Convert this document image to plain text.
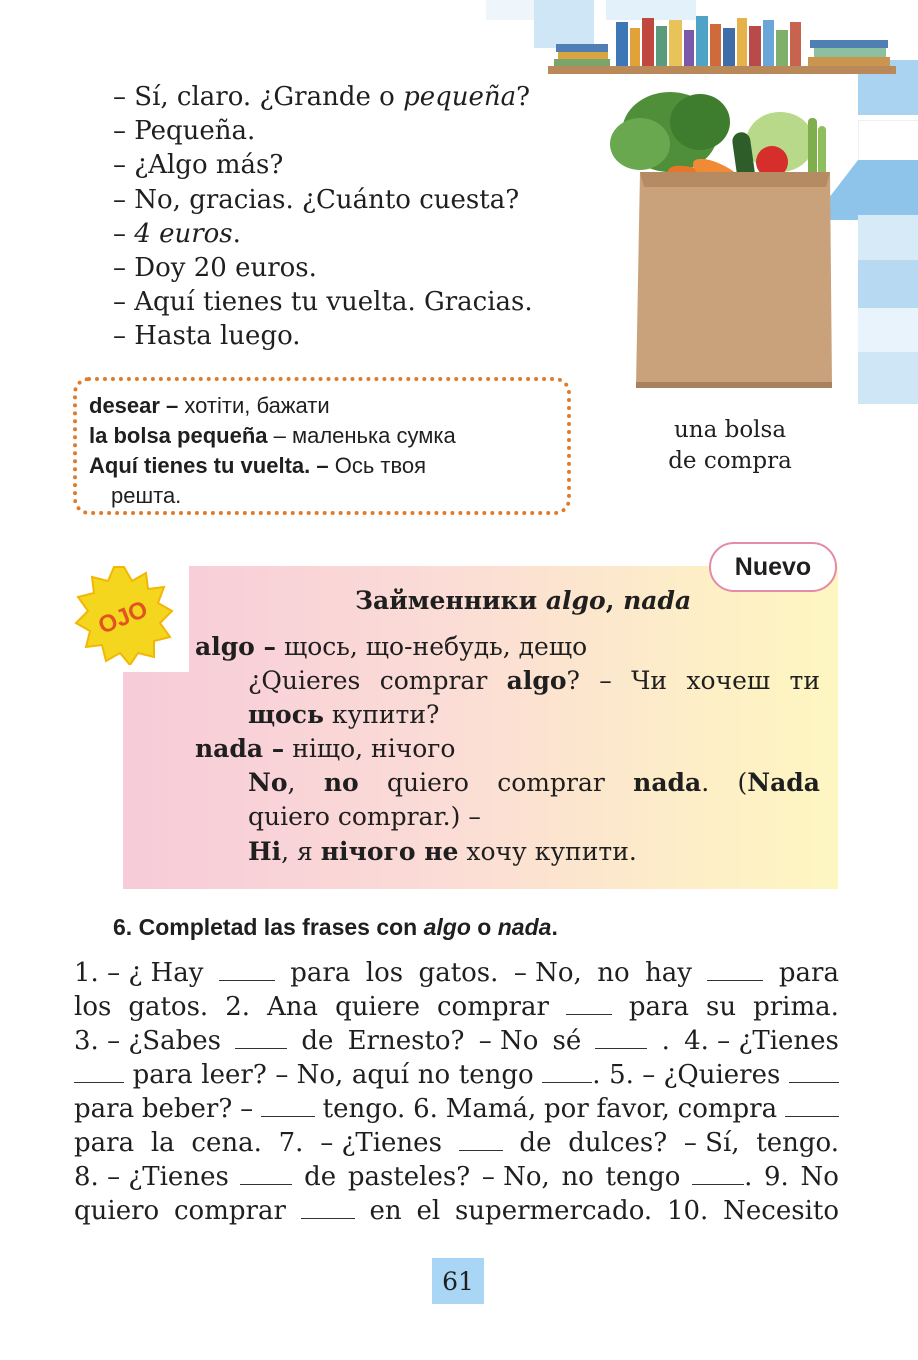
– Sí, claro. ¿Grande o pequeña?
– Pequeña.
– ¿Algo más?
– No, gracias. ¿Cuánto cuesta?
– 4 euros.
– Doy 20 euros.
– Aquí tienes tu vuelta. Gracias.
– Hasta luego.
desear – хотіти, бажати
la bolsa pequeña – маленька сумка
Aquí tienes tu vuelta. – Ось твоя
решта.
una bolsa
de compra
Nuevo
OJO	Займенники algo, nada
algo – щось, що-небудь, дещо
¿Quieres comprar algo? – Чи хочеш ти
щось купити?
nada – ніщо, нічого
No, no quiero comprar nada. (Nada
quiero comprar.) –
Ні, я нічого не хочу купити.
6. Completad las frases con algo o nada.
1. – ¿ Hay	para los gatos. – No, no hay	para
los gatos. 2. Ana quiere comprar	para su prima.
3. – ¿Sabes	de Ernesto? – No sé	. 4. – ¿Tienes
para leer? – No, aquí no tengo	. 5. – ¿Quieres
para beber? –	tengo. 6. Mamá, por favor, compra
para la cena. 7. – ¿Tienes	de dulces? – Sí, tengo.
8. – ¿Tienes	de pasteles? – No, no tengo	. 9. No
quiero comprar	en el supermercado. 10. Necesito
61
